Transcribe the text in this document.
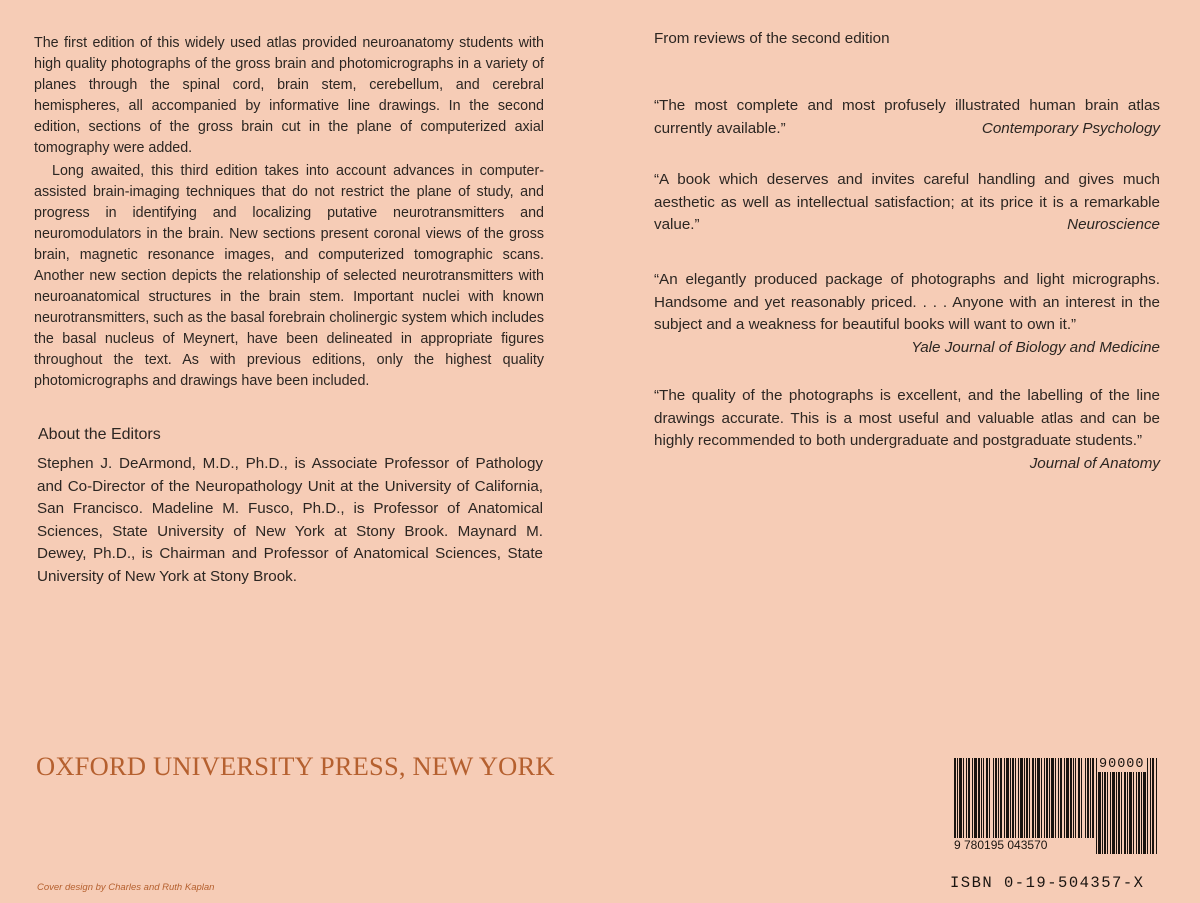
The first edition of this widely used atlas provided neuroanatomy students with high quality photographs of the gross brain and photomicrographs in a variety of planes through the spinal cord, brain stem, cerebellum, and cerebral hemispheres, all accompanied by informative line drawings. In the second edition, sections of the gross brain cut in the plane of computerized axial tomography were added.

Long awaited, this third edition takes into account advances in computer-assisted brain-imaging techniques that do not restrict the plane of study, and progress in identifying and localizing putative neurotransmitters and neuromodulators in the brain. New sections present coronal views of the gross brain, magnetic resonance images, and computerized tomographic scans. Another new section depicts the relationship of selected neurotransmitters with neuroanatomical structures in the brain stem. Important nuclei with known neurotransmitters, such as the basal forebrain cholinergic system which includes the basal nucleus of Meynert, have been delineated in appropriate figures throughout the text. As with previous editions, only the highest quality photomicrographs and drawings have been included.

About the Editors

Stephen J. DeArmond, M.D., Ph.D., is Associate Professor of Pathology and Co-Director of the Neuropathology Unit at the University of California, San Francisco. Madeline M. Fusco, Ph.D., is Professor of Anatomical Sciences, State University of New York at Stony Brook. Maynard M. Dewey, Ph.D., is Chairman and Professor of Anatomical Sciences, State University of New York at Stony Brook.

From reviews of the second edition
“The most complete and most profusely illustrated human brain atlas currently available.”	Contemporary Psychology
“A book which deserves and invites careful handling and gives much aesthetic as well as intellectual satisfaction; at its price it is a remarkable value.”	Neuroscience
“An elegantly produced package of photographs and light micrographs. Handsome and yet reasonably priced. . . . Anyone with an interest in the subject and a weakness for beautiful books will want to own it.”
Yale Journal of Biology and Medicine
“The quality of the photographs is excellent, and the labelling of the line drawings accurate. This is a most useful and valuable atlas and can be highly recommended to both undergraduate and postgraduate students.”
Journal of Anatomy
OXFORD UNIVERSITY PRESS, NEW YORK
Cover design by Charles and Ruth Kaplan
90000
9 780195 043570
ISBN 0-19-504357-X
